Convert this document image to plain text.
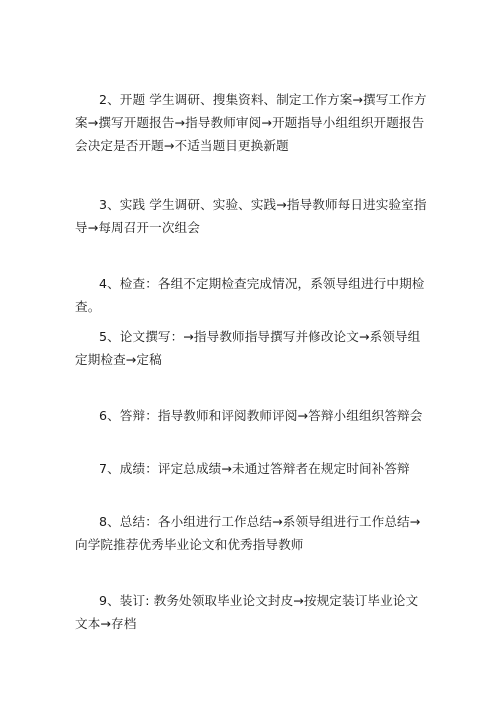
2、开题 学生调研、搜集资料、制定工作方案→撰写工作方案→撰写开题报告→指导教师审阅→开题指导小组组织开题报告会决定是否开题→不适当题目更换新题

3、实践 学生调研、实验、实践→指导教师每日进实验室指导→每周召开一次组会

4、检查：各组不定期检查完成情况，系领导组进行中期检查。

5、论文撰写：→指导教师指导撰写并修改论文→系领导组定期检查→定稿

6、答辩：指导教师和评阅教师评阅→答辩小组组织答辩会

7、成绩：评定总成绩→未通过答辩者在规定时间补答辩

8、总结：各小组进行工作总结→系领导组进行工作总结→向学院推荐优秀毕业论文和优秀指导教师

9、装订: 教务处领取毕业论文封皮→按规定装订毕业论文文本→存档
